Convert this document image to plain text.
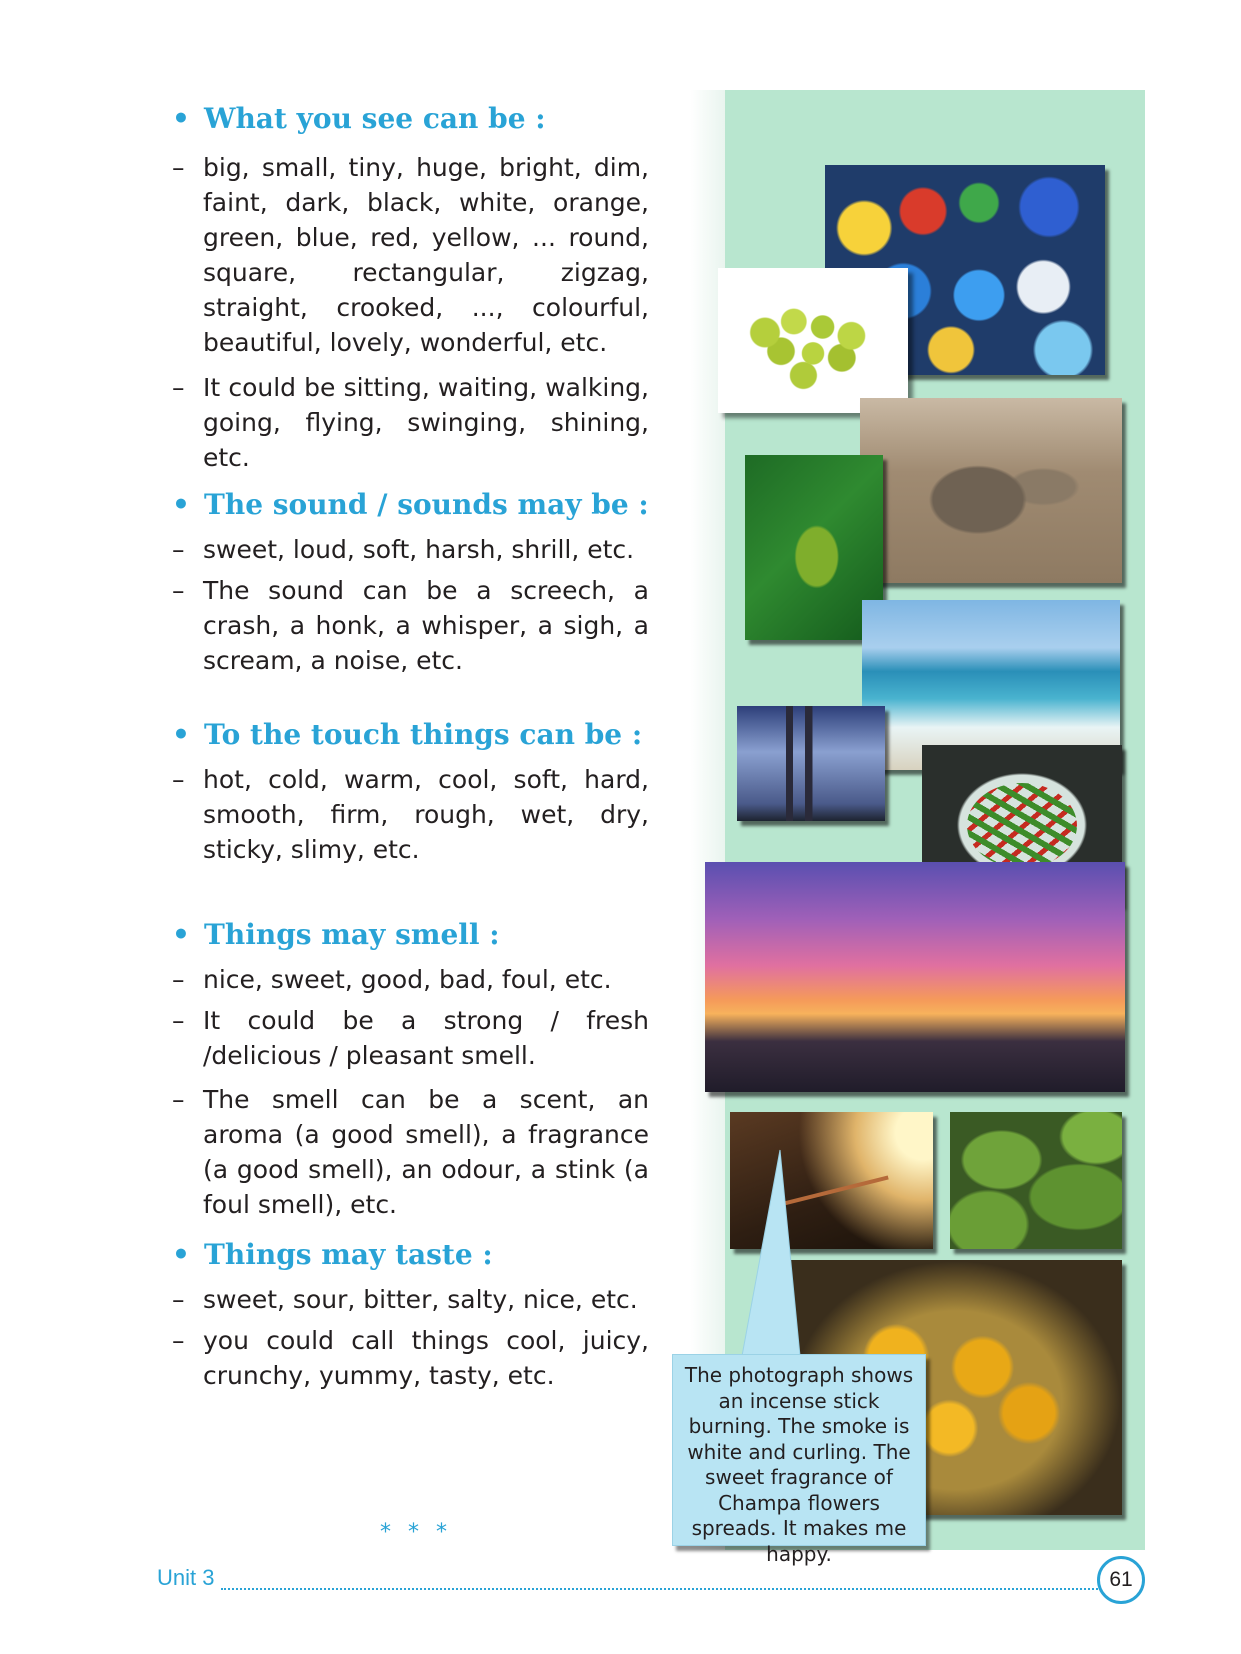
• What you see can be :
– big, small, tiny, huge, bright, dim, faint, dark, black, white, orange, green, blue, red, yellow, ... round, square, rectangular, zigzag, straight, crooked, ..., colourful, beautiful, lovely, wonderful, etc.
– It could be sitting, waiting, walking, going, flying, swinging, shining, etc.
• The sound / sounds may be :
– sweet, loud, soft, harsh, shrill, etc.
– The sound can be a screech, a crash, a honk, a whisper, a sigh, a scream, a noise, etc.
• To the touch things can be :
– hot, cold, warm, cool, soft, hard, smooth, firm, rough, wet, dry, sticky, slimy, etc.
• Things may smell :
– nice, sweet, good, bad, foul, etc.
– It could be a strong / fresh /delicious / pleasant smell.
– The smell can be a scent, an aroma (a good smell), a fragrance (a good smell), an odour, a stink (a foul smell), etc.
• Things may taste :
– sweet, sour, bitter, salty, nice, etc.
– you could call things cool, juicy, crunchy, yummy, tasty, etc.
* * *
The photograph shows an incense stick burning. The smoke is white and curling. The sweet fragrance of Champa flowers spreads. It makes me happy.
Unit 3	61
